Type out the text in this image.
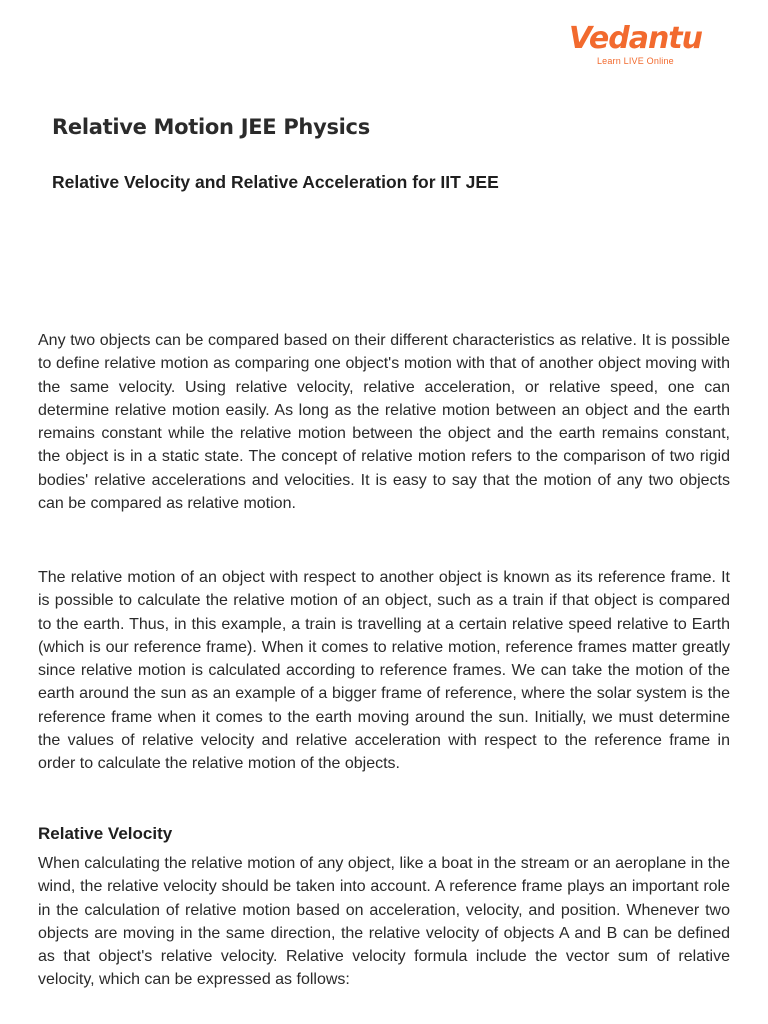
Vedantu
Learn LIVE Online
Relative Motion JEE Physics
Relative Velocity and Relative Acceleration for IIT JEE

Any two objects can be compared based on their different characteristics as relative. It is possible to define relative motion as comparing one object's motion with that of another object moving with the same velocity. Using relative velocity, relative acceleration, or relative speed, one can determine relative motion easily. As long as the relative motion between an object and the earth remains constant while the relative motion between the object and the earth remains constant, the object is in a static state. The concept of relative motion refers to the comparison of two rigid bodies' relative accelerations and velocities. It is easy to say that the motion of any two objects can be compared as relative motion.

The relative motion of an object with respect to another object is known as its reference frame. It is possible to calculate the relative motion of an object, such as a train if that object is compared to the earth. Thus, in this example, a train is travelling at a certain relative speed relative to Earth (which is our reference frame). When it comes to relative motion, reference frames matter greatly since relative motion is calculated according to reference frames. We can take the motion of the earth around the sun as an example of a bigger frame of reference, where the solar system is the reference frame when it comes to the earth moving around the sun. Initially, we must determine the values of relative velocity and relative acceleration with respect to the reference frame in order to calculate the relative motion of the objects.

Relative Velocity

When calculating the relative motion of any object, like a boat in the stream or an aeroplane in the wind, the relative velocity should be taken into account. A reference frame plays an important role in the calculation of relative motion based on acceleration, velocity, and position. Whenever two objects are moving in the same direction, the relative velocity of objects A and B can be defined as that object's relative velocity. Relative velocity formula include the vector sum of relative velocity, which can be expressed as follows:
